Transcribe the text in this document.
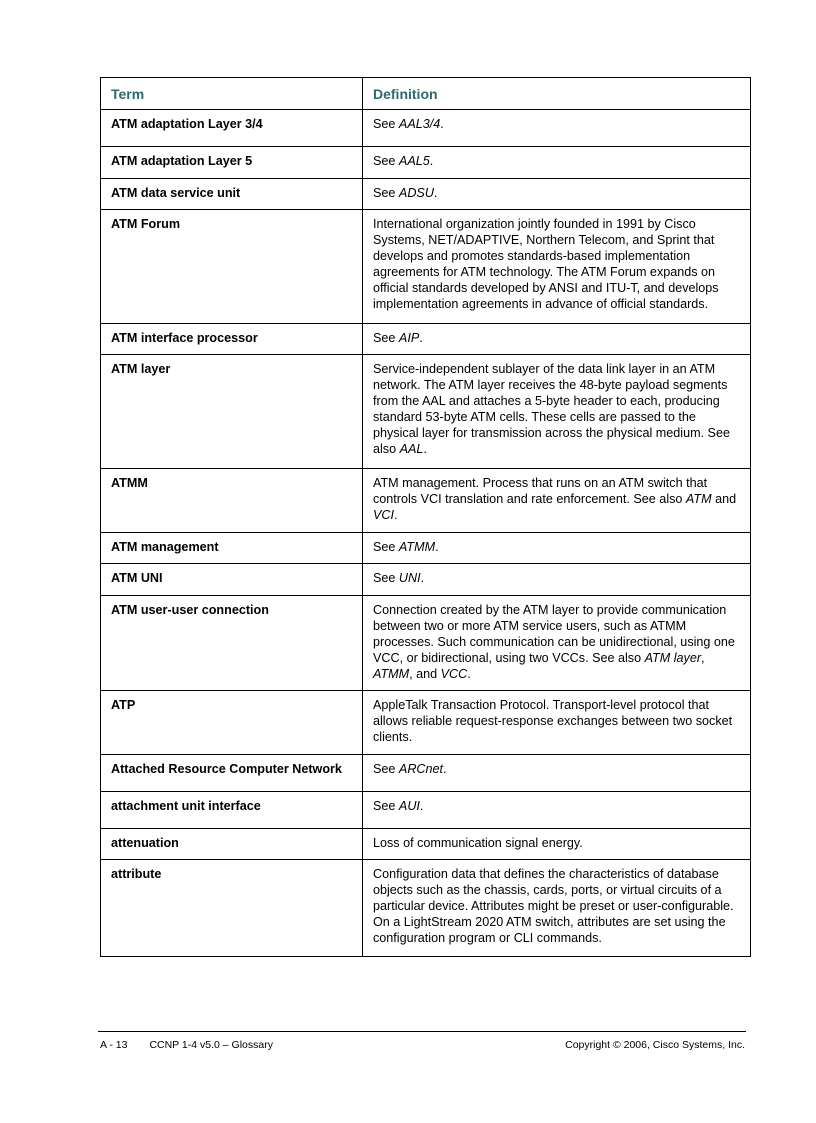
Term	Definition
ATM adaptation Layer 3/4	See AAL3/4.
ATM adaptation Layer 5	See AAL5.
ATM data service unit	See ADSU.
ATM Forum	International organization jointly founded in 1991 by Cisco Systems, NET/ADAPTIVE, Northern Telecom, and Sprint that develops and promotes standards-based implementation agreements for ATM technology. The ATM Forum expands on official standards developed by ANSI and ITU-T, and develops implementation agreements in advance of official standards.
ATM interface processor	See AIP.
ATM layer	Service-independent sublayer of the data link layer in an ATM network. The ATM layer receives the 48-byte payload segments from the AAL and attaches a 5-byte header to each, producing standard 53-byte ATM cells. These cells are passed to the physical layer for transmission across the physical medium. See also AAL.
ATMM	ATM management. Process that runs on an ATM switch that controls VCI translation and rate enforcement. See also ATM and VCI.
ATM management	See ATMM.
ATM UNI	See UNI.
ATM user-user connection	Connection created by the ATM layer to provide communication between two or more ATM service users, such as ATMM processes. Such communication can be unidirectional, using one VCC, or bidirectional, using two VCCs. See also ATM layer, ATMM, and VCC.
ATP	AppleTalk Transaction Protocol. Transport-level protocol that allows reliable request-response exchanges between two socket clients.
Attached Resource Computer Network	See ARCnet.
attachment unit interface	See AUI.
attenuation	Loss of communication signal energy.
attribute	Configuration data that defines the characteristics of database objects such as the chassis, cards, ports, or virtual circuits of a particular device. Attributes might be preset or user-configurable. On a LightStream 2020 ATM switch, attributes are set using the configuration program or CLI commands.
A - 13 CCNP 1-4 v5.0 – Glossary	Copyright © 2006, Cisco Systems, Inc.
